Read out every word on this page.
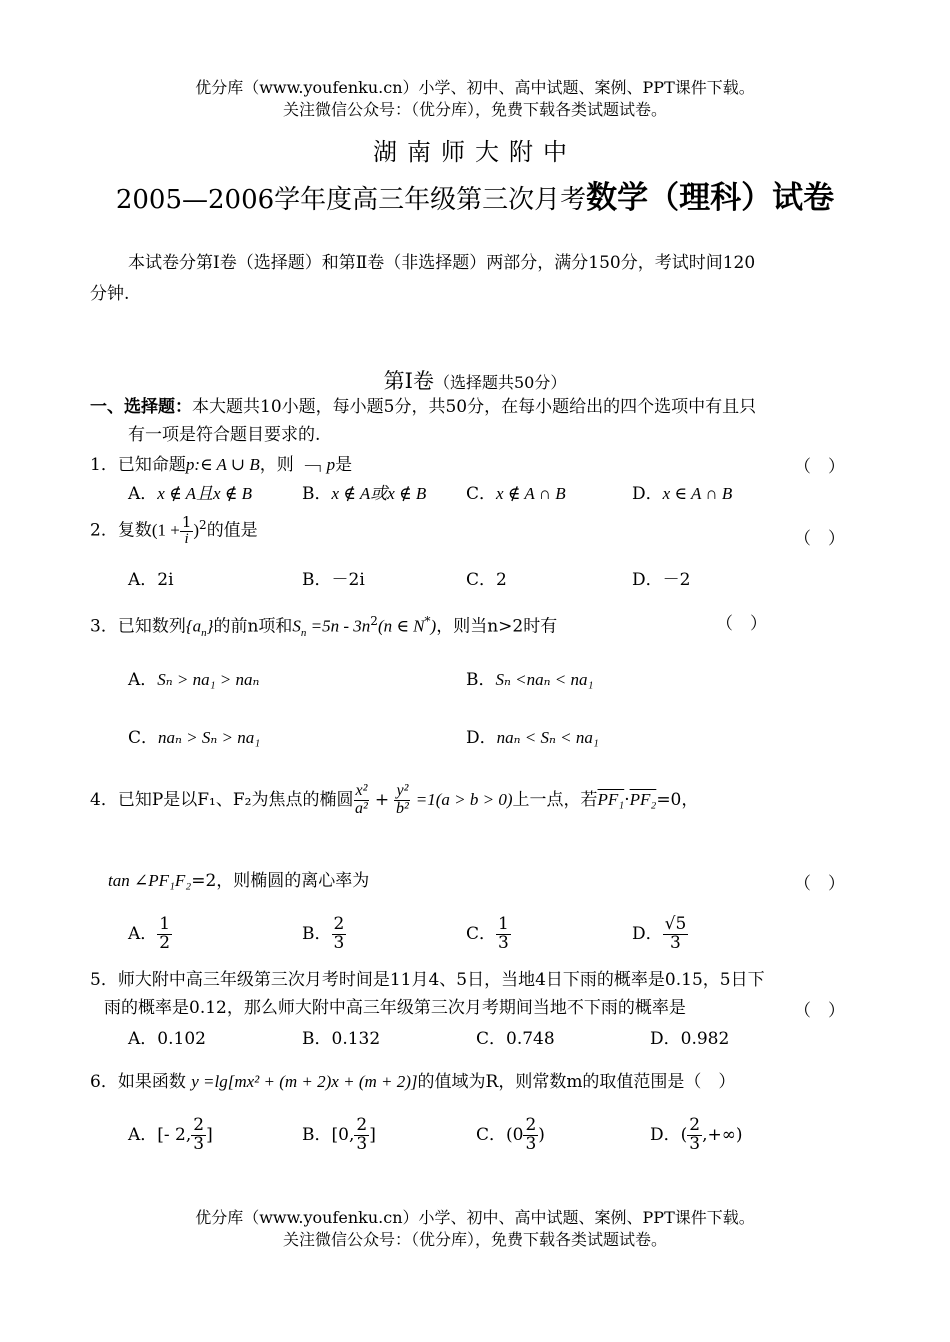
优分库（www.youfenku.cn）小学、初中、高中试题、案例、PPT课件下载。
关注微信公众号：（优分库），免费下载各类试题试卷。
湖南师大附中
2005—2006学年度高三年级第三次月考数学（理科）试卷
本试卷分第Ⅰ卷（选择题）和第Ⅱ卷（非选择题）两部分，满分150分，考试时间120
分钟.
第Ⅰ卷（选择题共50分）
一、选择题：本大题共10小题，每小题5分，共50分，在每小题给出的四个选项中有且只
有一项是符合题目要求的.
1．已知命题p:∈ A ∪ B，则 ﹁ p是	（　）
A．x ∉ A且x ∉ B	B．x ∉ A或x ∉ B C．x ∉ A ∩ B	D．x ∈ A ∩ B
2．复数$(1 + \frac{1}{i} )^2$的值是	（　）
A．2i	B．－2i	C．2	D．－2
3．已知数列$\{a_n\}$的前n项和$S_n =5n - 3n^2(n$ ∈ N*)，则当n>2时有	（　）
A．Sₙ > na₁ > naₙ	B．Sₙ <naₙ < na₁
C．naₙ > Sₙ > na₁	D．naₙ < Sₙ < na₁
4．已知P是以F₁、F₂为焦点的椭圆 $\frac{\text{x²}}{\text{a²}} + \frac{\text{y²}}{\text{b²}} =1(a > b > 0)$上一点，若PF₁·PF₂=0，
tan ∠PF₁F₂=2，则椭圆的离心率为	（　）
A． $\frac{1}{2}$	B． $\frac{2}{3}$	C． $\frac{1}{3}$	D． $\frac{√5}{3}$
5．师大附中高三年级第三次月考时间是11月4、5日，当地4日下雨的概率是0.15，5日下
雨的概率是0.12，那么师大附中高三年级第三次月考期间当地不下雨的概率是	（　）
A．0.102	B．0.132	C．0.748	D．0.982
6．如果函数 y =lg[mx² + (m + 2)x + (m + 2)]的值域为R，则常数m的取值范围是（　）
A．[- 2, $\frac{2}{3}$ ]	B．[0, $\frac{2}{3}$ ]	C．($0 \frac{2}{3}$ )	D．( $\frac{2}{3}$ ,+∞)
优分库（www.youfenku.cn）小学、初中、高中试题、案例、PPT课件下载。
关注微信公众号：（优分库），免费下载各类试题试卷。
